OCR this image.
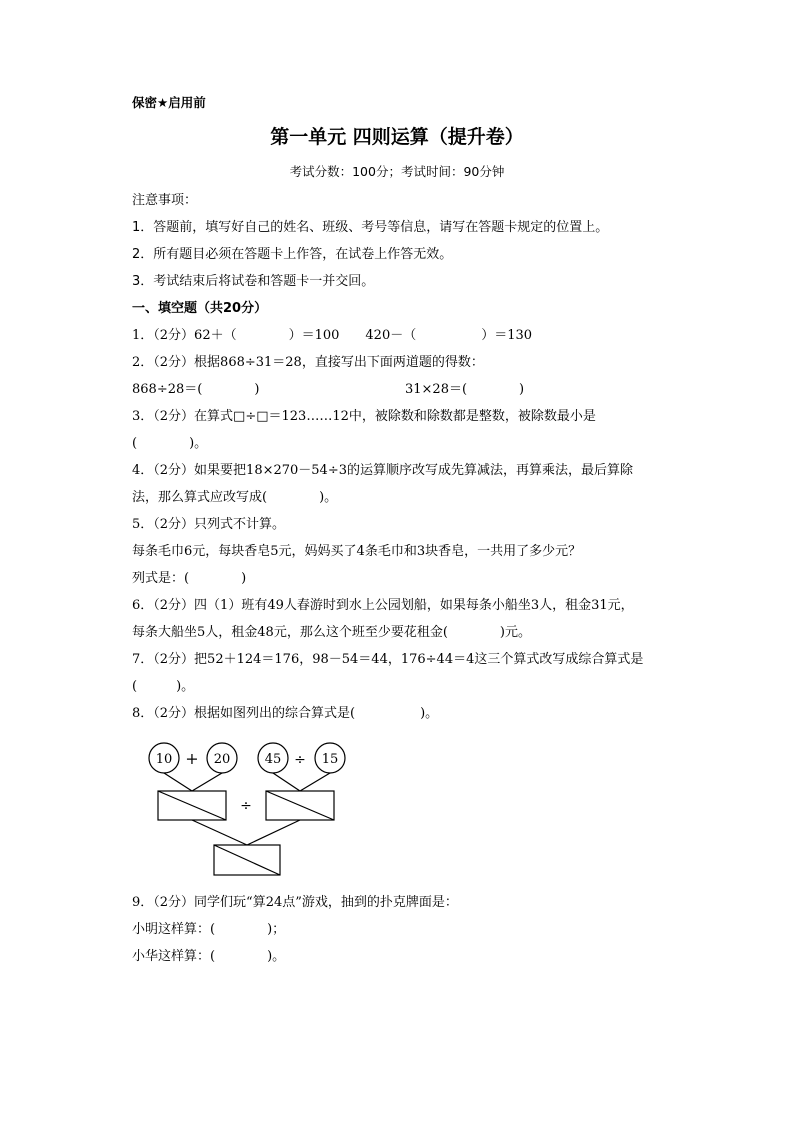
保密★启用前
第一单元 四则运算（提升卷）
考试分数：100分；考试时间：90分钟
注意事项：
1．答题前，填写好自己的姓名、班级、考号等信息，请写在答题卡规定的位置上。
2．所有题目必须在答题卡上作答，在试卷上作答无效。
3．考试结束后将试卷和答题卡一并交回。
一、填空题（共20分）
1．（2分）62＋（　　　　）＝100　　420－（　　　　　）＝130
2．（2分）根据868÷31＝28，直接写出下面两道题的得数：
868÷28＝(　　　　)	31×28＝(　　　　)
3．（2分）在算式□÷□＝123……12中，被除数和除数都是整数，被除数最小是
(　　　　)。
4．（2分）如果要把18×270－54÷3的运算顺序改写成先算减法，再算乘法，最后算除
法，那么算式应改写成(　　　　)。
5．（2分）只列式不计算。
每条毛巾6元，每块香皂5元，妈妈买了4条毛巾和3块香皂，一共用了多少元？
列式是：(　　　　)
6．（2分）四（1）班有49人春游时到水上公园划船，如果每条小船坐3人，租金31元，
每条大船坐5人，租金48元，那么这个班至少要花租金(　　　　)元。
7．（2分）把52＋124＝176，98－54＝44，176÷44＝4这三个算式改写成综合算式是
(　　　)。
8．（2分）根据如图列出的综合算式是(　　　　　)。
10	20	45	15
+	÷
÷
9．（2分）同学们玩“算24点”游戏，抽到的扑克牌面是：
小明这样算：(　　　　)；
小华这样算：(　　　　)。
